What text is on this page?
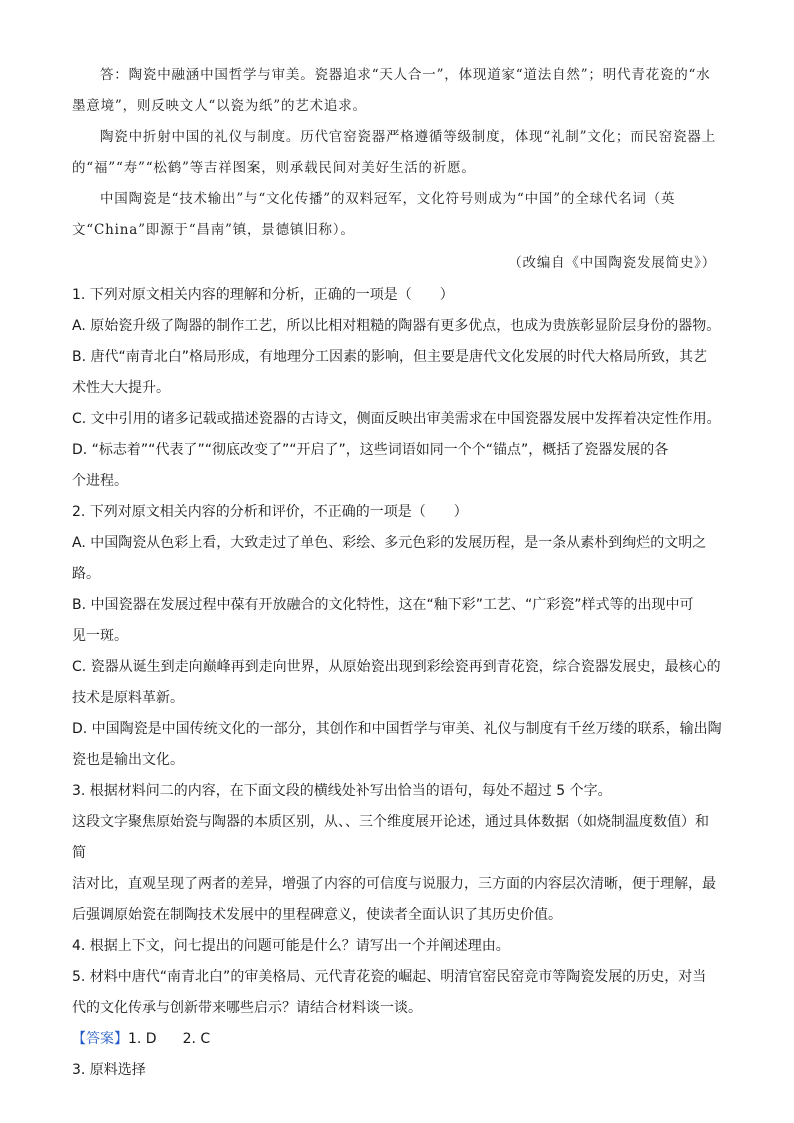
答：陶瓷中融涵中国哲学与审美。瓷器追求“天人合一”，体现道家“道法自然”；明代青花瓷的“水墨意境”，则反映文人“以瓷为纸”的艺术追求。

陶瓷中折射中国的礼仪与制度。历代官窑瓷器严格遵循等级制度，体现“礼制”文化；而民窑瓷器上的“福”“寿”“松鹤”等吉祥图案，则承载民间对美好生活的祈愿。

中国陶瓷是“技术输出”与“文化传播”的双料冠军，文化符号则成为“中国”的全球代名词（英文“China”即源于“昌南”镇，景德镇旧称）。

（改编自《中国陶瓷发展简史》）

1. 下列对原文相关内容的理解和分析，正确的一项是（　　）

A. 原始瓷升级了陶器的制作工艺，所以比相对粗糙的陶器有更多优点，也成为贵族彰显阶层身份的器物。

B. 唐代“南青北白”格局形成，有地理分工因素的影响，但主要是唐代文化发展的时代大格局所致，其艺

术性大大提升。

C. 文中引用的诸多记载或描述瓷器的古诗文，侧面反映出审美需求在中国瓷器发展中发挥着决定性作用。

D. “标志着”“代表了”“彻底改变了”“开启了”，这些词语如同一个个“锚点”，概括了瓷器发展的各

个进程。

2. 下列对原文相关内容的分析和评价，不正确的一项是（　　）

A. 中国陶瓷从色彩上看，大致走过了单色、彩绘、多元色彩的发展历程，是一条从素朴到绚烂的文明之路。

B. 中国瓷器在发展过程中葆有开放融合的文化特性，这在“釉下彩”工艺、“广彩瓷”样式等的出现中可

见一斑。

C. 瓷器从诞生到走向巅峰再到走向世界，从原始瓷出现到彩绘瓷再到青花瓷，综合瓷器发展史，最核心的

技术是原料革新。

D. 中国陶瓷是中国传统文化的一部分，其创作和中国哲学与审美、礼仪与制度有千丝万缕的联系，输出陶

瓷也是输出文化。

3. 根据材料问二的内容，在下面文段的横线处补写出恰当的语句，每处不超过 5 个字。

这段文字聚焦原始瓷与陶器的本质区别，从、、三个维度展开论述，通过具体数据（如烧制温度数值）和简

洁对比，直观呈现了两者的差异，增强了内容的可信度与说服力，三方面的内容层次清晰，便于理解，最

后强调原始瓷在制陶技术发展中的里程碑意义，使读者全面认识了其历史价值。

4. 根据上下文，问七提出的问题可能是什么？请写出一个并阐述理由。

5. 材料中唐代“南青北白”的审美格局、元代青花瓷的崛起、明清官窑民窑竞市等陶瓷发展的历史，对当

代的文化传承与创新带来哪些启示？请结合材料谈一谈。

【答案】1. D 2. C

3. 原料选择
